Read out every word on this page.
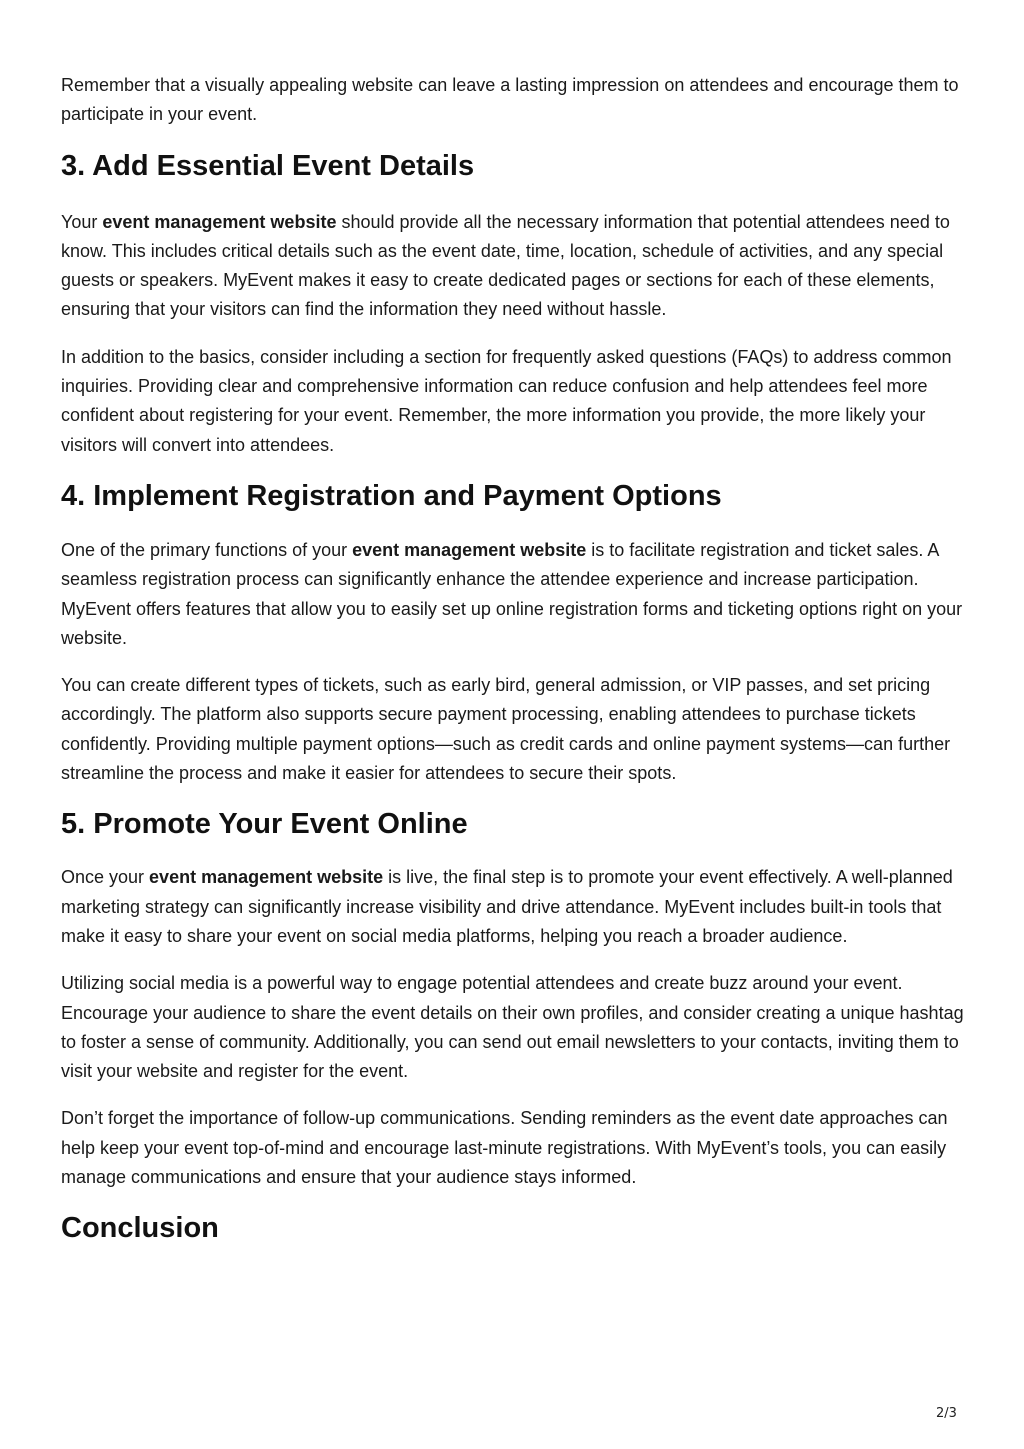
Remember that a visually appealing website can leave a lasting impression on attendees and encourage them to participate in your event.

3. Add Essential Event Details

Your event management website should provide all the necessary information that potential attendees need to know. This includes critical details such as the event date, time, location, schedule of activities, and any special guests or speakers. MyEvent makes it easy to create dedicated pages or sections for each of these elements, ensuring that your visitors can find the information they need without hassle.

In addition to the basics, consider including a section for frequently asked questions (FAQs) to address common inquiries. Providing clear and comprehensive information can reduce confusion and help attendees feel more confident about registering for your event. Remember, the more information you provide, the more likely your visitors will convert into attendees.

4. Implement Registration and Payment Options

One of the primary functions of your event management website is to facilitate registration and ticket sales. A seamless registration process can significantly enhance the attendee experience and increase participation. MyEvent offers features that allow you to easily set up online registration forms and ticketing options right on your website.

You can create different types of tickets, such as early bird, general admission, or VIP passes, and set pricing accordingly. The platform also supports secure payment processing, enabling attendees to purchase tickets confidently. Providing multiple payment options—such as credit cards and online payment systems—can further streamline the process and make it easier for attendees to secure their spots.

5. Promote Your Event Online

Once your event management website is live, the final step is to promote your event effectively. A well-planned marketing strategy can significantly increase visibility and drive attendance. MyEvent includes built-in tools that make it easy to share your event on social media platforms, helping you reach a broader audience.

Utilizing social media is a powerful way to engage potential attendees and create buzz around your event. Encourage your audience to share the event details on their own profiles, and consider creating a unique hashtag to foster a sense of community. Additionally, you can send out email newsletters to your contacts, inviting them to visit your website and register for the event.

Don’t forget the importance of follow-up communications. Sending reminders as the event date approaches can help keep your event top-of-mind and encourage last-minute registrations. With MyEvent’s tools, you can easily manage communications and ensure that your audience stays informed.

Conclusion
2/3
